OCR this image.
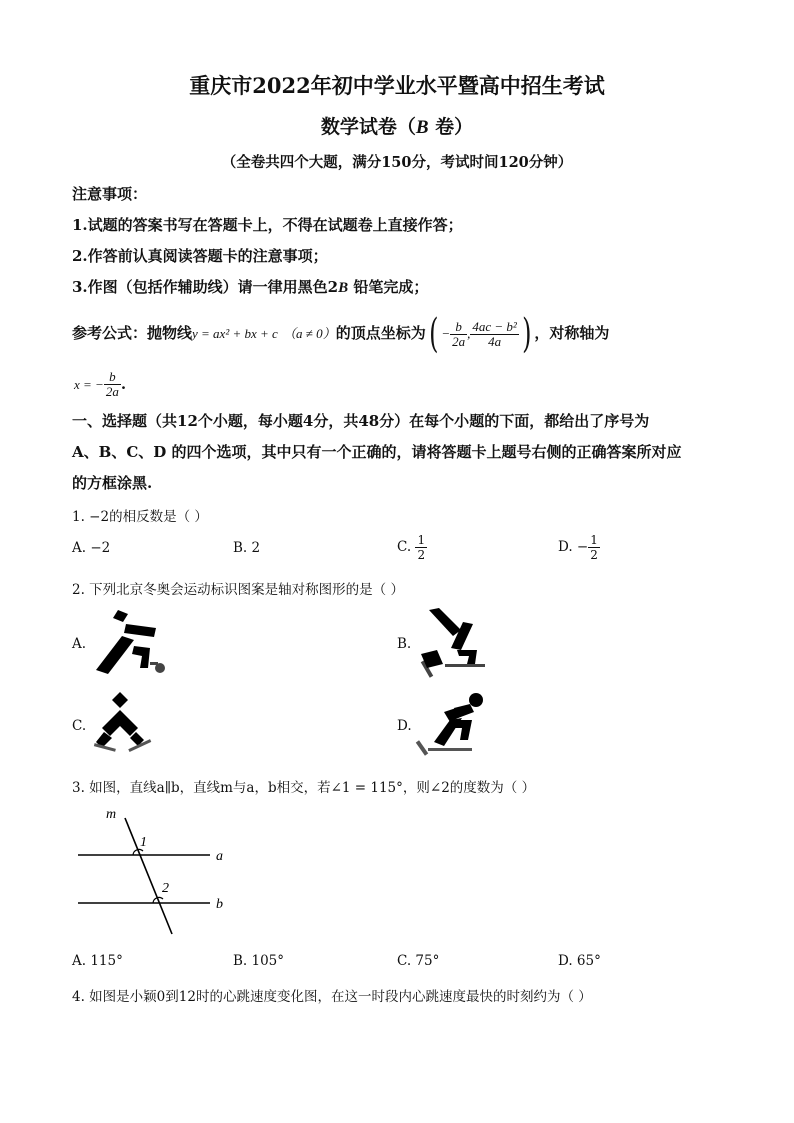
重庆市2022年初中学业水平暨高中招生考试
数学试卷（B 卷）
（全卷共四个大题，满分150分，考试时间120分钟）
注意事项：
1.试题的答案书写在答题卡上，不得在试题卷上直接作答；
2.作答前认真阅读答题卡的注意事项；
3.作图（包括作辅助线）请一律用黑色2B 铅笔完成；
参考公式：抛物线y = ax² + bx + c （a ≠ 0）的顶点坐标为( − $\frac{b}{2a}$ , $\frac{\text{4ac − b²}}{4a}$ ) ，对称轴为
x = − $\frac{b}{2a}$ .
一、选择题（共12个小题，每小题4分，共48分）在每个小题的下面，都给出了序号为
A、B、C、D 的四个选项，其中只有一个正确的，请将答题卡上题号右侧的正确答案所对应
的方框涂黑.
1. −2的相反数是（ ）
A. −2	B. 2	C. $\frac{1}{2}$	D. − $\frac{1}{2}$
2. 下列北京冬奥会运动标识图案是轴对称图形的是（ ）
A.	B.
C.	D.
3. 如图，直线a∥b，直线m与a，b相交，若∠1 = 115°，则∠2的度数为（ ）
m
1
2
a
b
A. 115°	B. 105°	C. 75°	D. 65°
4. 如图是小颖0到12时的心跳速度变化图，在这一时段内心跳速度最快的时刻约为（ ）
